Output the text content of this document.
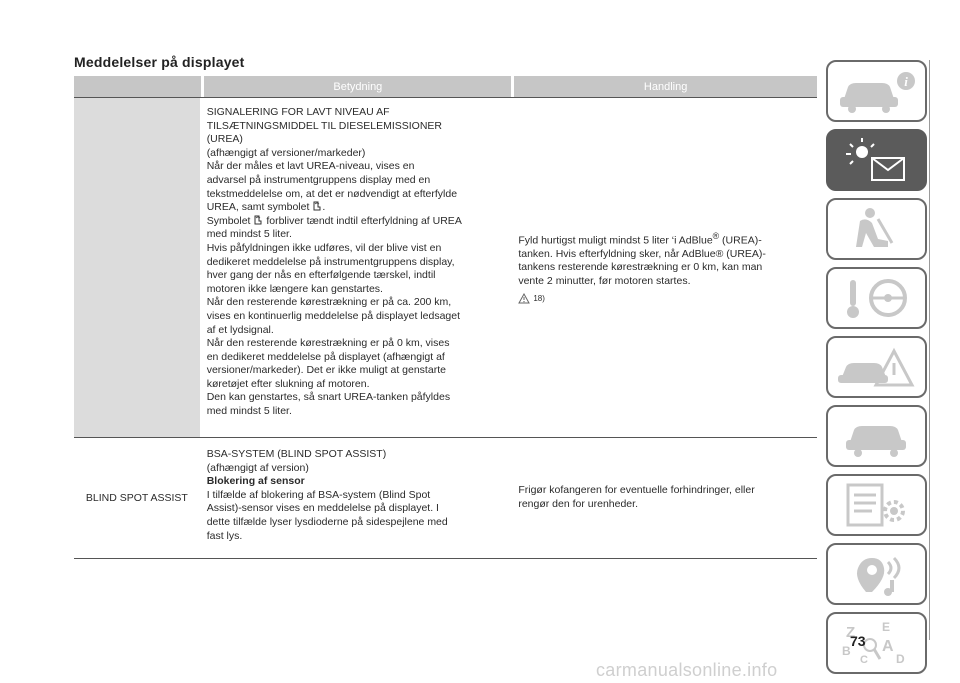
Meddelelser på displayet
Betydning	Handling

SIGNALERING FOR LAVT NIVEAU AF

TILSÆTNINGSMIDDEL TIL DIESELEMISSIONER

(UREA)

(afhængigt af versioner/markeder)

Når der måles et lavt UREA-niveau, vises en

advarsel på instrumentgruppens display med en

tekstmeddelelse om, at det er nødvendigt at efterfylde

UREA, samt symbolet .

Symbolet forbliver tændt indtil efterfyldning af UREA

med mindst 5 liter.

Hvis påfyldningen ikke udføres, vil der blive vist en

dedikeret meddelelse på instrumentgruppens display,

hver gang der nås en efterfølgende tærskel, indtil

motoren ikke længere kan genstartes.

Når den resterende kørestrækning er på ca. 200 km,

vises en kontinuerlig meddelelse på displayet ledsaget

af et lydsignal.

Når den resterende kørestrækning er på 0 km, vises

en dedikeret meddelelse på displayet (afhængigt af

versioner/markeder). Det er ikke muligt at genstarte

køretøjet efter slukning af motoren.

Den kan genstartes, så snart UREA-tanken påfyldes

med mindst 5 liter.

Fyld hurtigst muligt mindst 5 liter ‘i AdBlue® (UREA)-
tanken. Hvis efterfyldning sker, når AdBlue® (UREA)-
tankens resterende kørestrækning er 0 km, kan man
vente 2 minutter, før motoren startes.
18)
BLIND SPOT ASSIST

BSA-SYSTEM (BLIND SPOT ASSIST)

(afhængigt af version)

Blokering af sensor

I tilfælde af blokering af BSA-system (Blind Spot

Assist)-sensor vises en meddelelse på displayet. I

dette tilfælde lyser lysdioderne på sidespejlene med

fast lys.

Frigør kofangeren for eventuelle forhindringer, eller
rengør den for urenheder.
i
Z E
B A
C D
73
carmanualsonline.info
